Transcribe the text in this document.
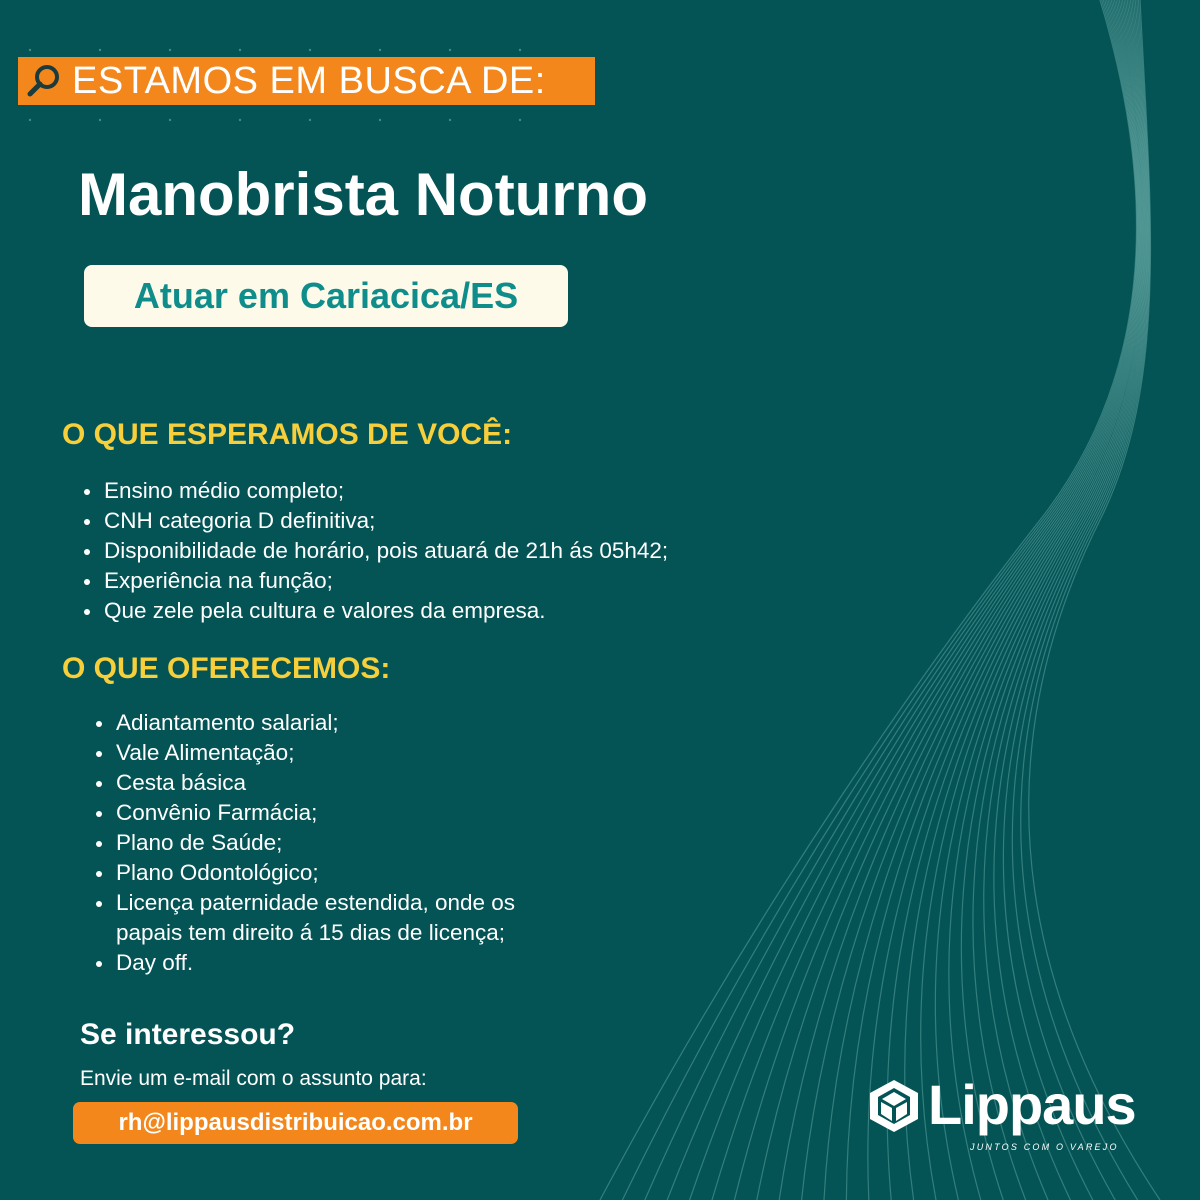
ESTAMOS EM BUSCA DE:
Manobrista Noturno
Atuar em Cariacica/ES
O QUE ESPERAMOS DE VOCÊ:
Ensino médio completo;
CNH categoria D definitiva;
Disponibilidade de horário, pois atuará de 21h ás 05h42;
Experiência na função;
Que zele pela cultura e valores da empresa.
O QUE OFERECEMOS:
Adiantamento salarial;
Vale Alimentação;
Cesta básica
Convênio Farmácia;
Plano de Saúde;
Plano Odontológico;
Licença paternidade estendida, onde os
papais tem direito á 15 dias de licença;
Day off.
Se interessou?
Envie um e-mail com o assunto para:
rh@lippausdistribuicao.com.br	Lippaus
JUNTOS COM O VAREJO
